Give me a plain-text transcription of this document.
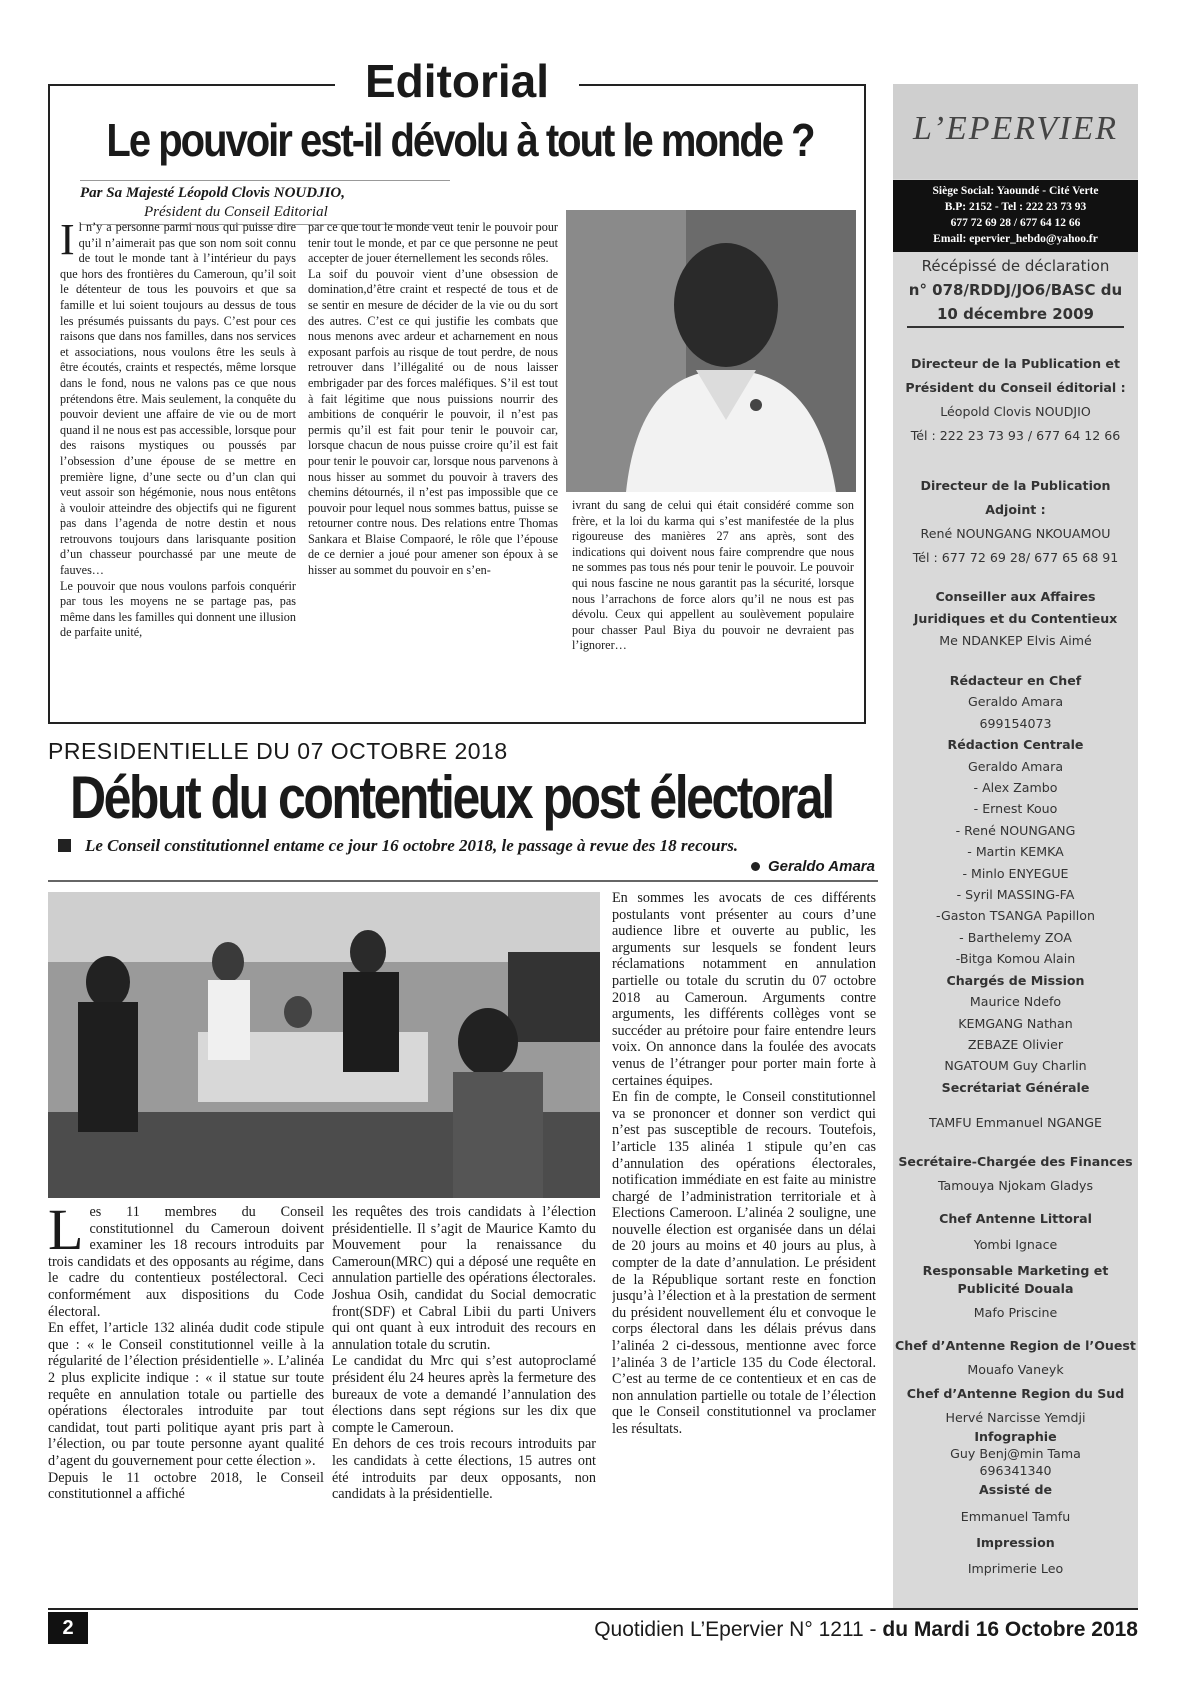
Editorial
Le pouvoir est-il dévolu à tout le monde ?
Par Sa Majesté Léopold Clovis NOUDJIO,
Président du Conseil Editorial
I l n’y a personne parmi nous qui puisse dire qu’il n’aimerait pas que son nom soit connu de tout le monde tant à l’intérieur du pays que hors des frontières du Cameroun, qu’il soit le détenteur de tous les pouvoirs et que sa famille et lui soient toujours au dessus de tous les présumés puissants du pays. C’est pour ces raisons que dans nos familles, dans nos services et associations, nous voulons être les seuls à être écoutés, craints et respectés, même lorsque dans le fond, nous ne valons pas ce que nous prétendons être. Mais seulement, la conquête du pouvoir devient une affaire de vie ou de mort quand il ne nous est pas accessible, lorsque pour des raisons mystiques ou poussés par l’obsession d’une épouse de se mettre en première ligne, d’une secte ou d’un clan qui veut assoir son hégémonie, nous nous entêtons à vouloir atteindre des objectifs qui ne figurent pas dans l’agenda de notre destin et nous retrouvons toujours dans larisquante position d’un chasseur pourchassé par une meute de fauves…

Le pouvoir que nous voulons parfois conquérir par tous les moyens ne se partage pas, pas même dans les familles qui donnent une illusion de parfaite unité,

par ce que tout le monde veut tenir le pouvoir pour tenir tout le monde, et par ce que personne ne peut accepter de jouer éternellement les seconds rôles.

La soif du pouvoir vient d’une obsession de domination,d’être craint et respecté de tous et de se sentir en mesure de décider de la vie ou du sort des autres. C’est ce qui justifie les combats que nous menons avec ardeur et acharnement en nous exposant parfois au risque de tout perdre, de nous retrouver dans l’illégalité ou de nous laisser embrigader par des forces maléfiques. S’il est tout à fait légitime que nous puissions nourrir des ambitions de conquérir le pouvoir, il n’est pas permis qu’il est fait pour tenir le pouvoir car, lorsque chacun de nous puisse croire qu’il est fait pour tenir le pouvoir car, lorsque nous parvenons à nous hisser au sommet du pouvoir à travers des chemins détournés, il n’est pas impossible que ce pouvoir pour lequel nous sommes battus, puisse se retourner contre nous. Des relations entre Thomas Sankara et Blaise Compaoré, le rôle que l’épouse de ce dernier a joué pour amener son époux à se hisser au sommet du pouvoir en s’en-

ivrant du sang de celui qui était considéré comme son frère, et la loi du karma qui s’est manifestée de la plus rigoureuse des manières 27 ans après, sont des indications qui doivent nous faire comprendre que nous ne sommes pas tous nés pour tenir le pouvoir. Le pouvoir qui nous fascine ne nous garantit pas la sécurité, lorsque nous l’arrachons de force alors qu’il ne nous est pas dévolu. Ceux qui appellent au soulèvement populaire pour chasser Paul Biya du pouvoir ne devraient pas l’ignorer…

PRESIDENTIELLE DU 07 OCTOBRE 2018
Début du contentieux post électoral
Le Conseil constitutionnel entame ce jour 16 octobre 2018, le passage à revue des 18 recours.
Geraldo Amara
L es 11 membres du Conseil constitutionnel du Cameroun doivent examiner les 18 recours introduits par trois candidats et des opposants au régime, dans le cadre du contentieux postélectoral. Ceci conformément aux dispositions du Code électoral.

En effet, l’article 132 alinéa dudit code stipule que : « le Conseil constitutionnel veille à la régularité de l’élection présidentielle ». L’alinéa 2 plus explicite indique : « il statue sur toute requête en annulation totale ou partielle des opérations électorales introduite par tout candidat, tout parti politique ayant pris part à l’élection, ou par toute personne ayant qualité d’agent du gouvernement pour cette élection ».

Depuis le 11 octobre 2018, le Conseil constitutionnel a affiché

les requêtes des trois candidats à l’élection présidentielle. Il s’agit de Maurice Kamto du Mouvement pour la renaissance du Cameroun(MRC) qui a déposé une requête en annulation partielle des opérations électorales. Joshua Osih, candidat du Social democratic front(SDF) et Cabral Libii du parti Univers qui ont quant à eux introduit des recours en annulation totale du scrutin.

Le candidat du Mrc qui s’est autoproclamé président élu 24 heures après la fermeture des bureaux de vote a demandé l’annulation des élections dans sept régions sur les dix que compte le Cameroun.

En dehors de ces trois recours introduits par les candidats à cette élections, 15 autres ont été introduits par deux opposants, non candidats à la présidentielle.

En sommes les avocats de ces différents postulants vont présenter au cours d’une audience libre et ouverte au public, les arguments sur lesquels se fondent leurs réclamations notamment en annulation partielle ou totale du scrutin du 07 octobre 2018 au Cameroun. Arguments contre arguments, les différents collèges vont se succéder au prétoire pour faire entendre leurs voix. On annonce dans la foulée des avocats venus de l’étranger pour porter main forte à certaines équipes.

En fin de compte, le Conseil constitutionnel va se prononcer et donner son verdict qui n’est pas susceptible de recours. Toutefois, l’article 135 alinéa 1 stipule qu’en cas d’annulation des opérations électorales, notification immédiate en est faite au ministre chargé de l’administration territoriale et à Elections Cameroon. L’alinéa 2 souligne, une nouvelle élection est organisée dans un délai de 20 jours au moins et 40 jours au plus, à compter de la date d’annulation. Le président de la République sortant reste en fonction jusqu’à l’élection et à la prestation de serment du président nouvellement élu et convoque le corps électoral dans les délais prévus dans l’alinéa 2 ci-dessous, mentionne avec force l’alinéa 3 de l’article 135 du Code électoral. C’est au terme de ce contentieux et en cas de non annulation partielle ou totale de l’élection que le Conseil constitutionnel va proclamer les résultats.

L’EPERVIER
Siège Social: Yaoundé - Cité Verte
B.P: 2152 - Tel : 222 23 73 93
677 72 69 28 / 677 64 12 66
Email: epervier_hebdo@yahoo.fr
Récépissé de déclaration
n° 078/RDDJ/JO6/BASC du
10 décembre 2009
Directeur de la Publication et
Président du Conseil éditorial :
Léopold Clovis NOUDJIO
Tél : 222 23 73 93 / 677 64 12 66
Directeur de la Publication
Adjoint :
René NOUNGANG NKOUAMOU
Tél : 677 72 69 28/ 677 65 68 91
Conseiller aux Affaires
Juridiques et du Contentieux
Me NDANKEP Elvis Aimé
Rédacteur en Chef
Geraldo Amara
699154073
Rédaction Centrale
Geraldo Amara
- Alex Zambo
- Ernest Kouo
- René NOUNGANG
- Martin KEMKA
- Minlo ENYEGUE
- Syril MASSING-FA
-Gaston TSANGA Papillon
- Barthelemy ZOA
-Bitga Komou Alain
Chargés de Mission
Maurice Ndefo
KEMGANG Nathan
ZEBAZE Olivier
NGATOUM Guy Charlin
Secrétariat Générale
TAMFU Emmanuel NGANGE
Secrétaire-Chargée des Finances
Tamouya Njokam Gladys
Chef Antenne Littoral
Yombi Ignace
Responsable Marketing et
Publicité Douala
Mafo Priscine
Chef d’Antenne Region de l’Ouest
Mouafo Vaneyk
Chef d’Antenne Region du Sud
Hervé Narcisse Yemdji
Infographie
Guy Benj@min Tama
696341340
Assisté de
Emmanuel Tamfu
Impression
Imprimerie Leo
2	Quotidien L’Epervier N° 1211 - du Mardi 16 Octobre 2018
